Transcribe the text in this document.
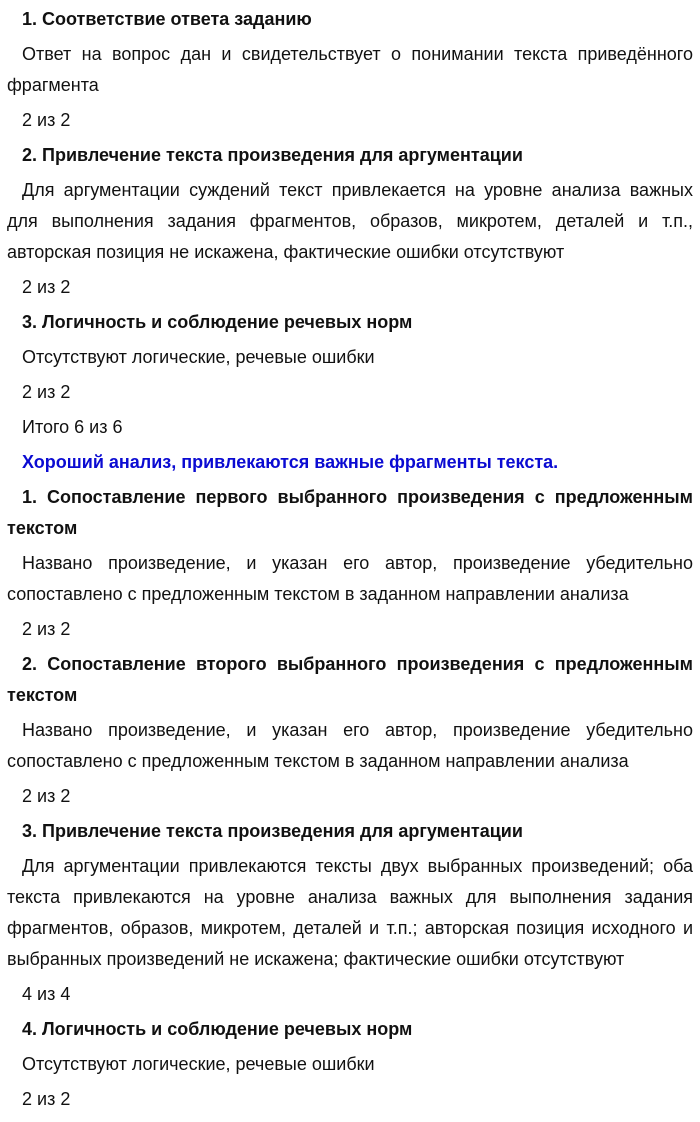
1. Соответствие ответа заданию

Ответ на вопрос дан и свидетельствует о понимании текста приведённого фрагмента

2 из 2

2. Привлечение текста произведения для аргументации

Для аргументации суждений текст привлекается на уровне анализа важных для выполнения задания фрагментов, образов, микротем, деталей и т.п., авторская позиция не искажена, фактические ошибки отсутствуют

2 из 2

3. Логичность и соблюдение речевых норм

Отсутствуют логические, речевые ошибки

2 из 2

Итого 6 из 6

Хороший анализ, привлекаются важные фрагменты текста.

1. Сопоставление первого выбранного произведения с предложенным текстом

Названо произведение, и указан его автор, произведение убедительно сопоставлено с предложенным текстом в заданном направлении анализа

2 из 2

2. Сопоставление второго выбранного произведения с предложенным текстом

Названо произведение, и указан его автор, произведение убедительно сопоставлено с предложенным текстом в заданном направлении анализа

2 из 2

3. Привлечение текста произведения для аргументации

Для аргументации привлекаются тексты двух выбранных произведений; оба текста привлекаются на уровне анализа важных для выполнения задания фрагментов, образов, микротем, деталей и т.п.; авторская позиция исходного и выбранных произведений не искажена; фактические ошибки отсутствуют

4 из 4

4. Логичность и соблюдение речевых норм

Отсутствуют логические, речевые ошибки

2 из 2
